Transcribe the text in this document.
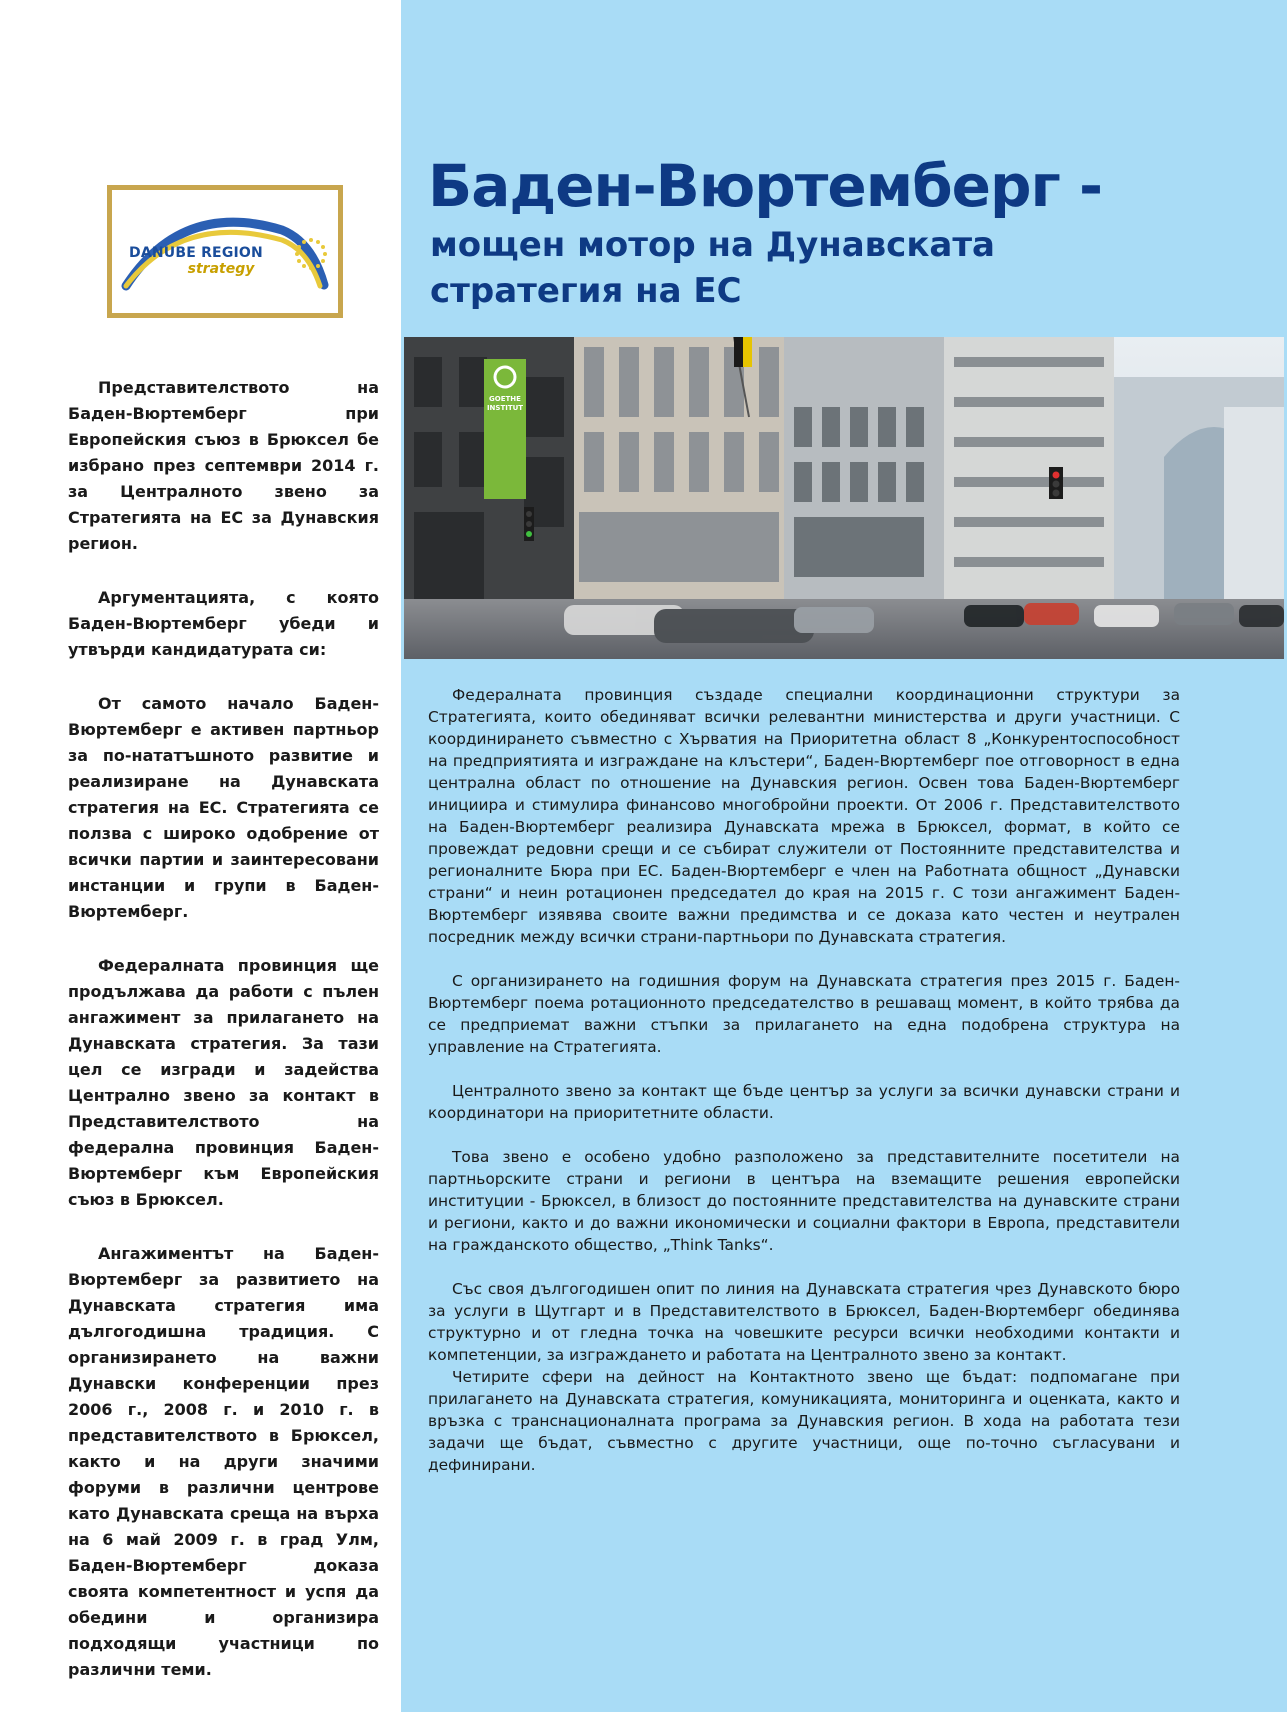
DANUBE REGION
strategy
Баден-Вюртемберг -
мощен мотор на Дунавската стратегия на ЕС
GOETHE
INSTITUT

Представителството на Баден-Вюртемберг при Европейския съюз в Брюксел бе избрано през септември 2014 г. за Централното звено за Стратегията на ЕС за Дунавския регион.

Аргументацията, с която Баден-Вюртемберг убеди и утвърди кандидатурата си:

От самото начало Баден-Вюртемберг е активен партньор за по-нататъшното развитие и реализиране на Дунавската стратегия на ЕС. Стратегията се ползва с широко одобрение от всички партии и заинтересовани инстанции и групи в Баден-Вюртемберг.

Федералната провинция ще продължава да работи с пълен ангажимент за прилагането на Дунавската стратегия. За тази цел се изгради и задейства Централно звено за контакт в Представителството на федерална провинция Баден-Вюртемберг към Европейския съюз в Брюксел.

Ангажиментът на Баден-Вюртемберг за развитието на Дунавската стратегия има дългогодишна традиция. С организирането на важни Дунавски конференции през 2006 г., 2008 г. и 2010 г. в представителството в Брюксел, както и на други значими форуми в различни центрове като Дунавската среща на върха на 6 май 2009 г. в град Улм, Баден-Вюртемберг доказа своята компетентност и успя да обедини и организира подходящи участници по различни теми.

Федералната провинция създаде специални координационни структури за Стратегията, които обединяват всички релевантни министерства и други участници. С координирането съвместно с Хърватия на Приоритетна област 8 „Конкурентоспособност на предприятията и изграждане на клъстери“, Баден-Вюртемберг пое отговорност в една централна област по отношение на Дунавския регион. Освен това Баден-Вюртемберг инициира и стимулира финансово многобройни проекти. От 2006 г. Представителството на Баден-Вюртемберг реализира Дунавската мрежа в Брюксел, формат, в който се провеждат редовни срещи и се събират служители от Постоянните представителства и регионалните Бюра при ЕС. Баден-Вюртемберг е член на Работната общност „Дунавски страни“ и неин ротационен председател до края на 2015 г. С този ангажимент Баден-Вюртемберг изявява своите важни предимства и се доказа като честен и неутрален посредник между всички страни-партньори по Дунавската стратегия.

С организирането на годишния форум на Дунавската стратегия през 2015 г. Баден-Вюртемберг поема ротационното председателство в решаващ момент, в който трябва да се предприемат важни стъпки за прилагането на една подобрена структура на управление на Стратегията.

Централното звено за контакт ще бъде център за услуги за всички дунавски страни и координатори на приоритетните области.

Това звено е особено удобно разположено за представителните посетители на партньорските страни и региони в центъра на вземащите решения европейски институции - Брюксел, в близост до постоянните представителства на дунавските страни и региони, както и до важни икономически и социални фактори в Европа, представители на гражданското общество, „Think Tanks“.

Със своя дългогодишен опит по линия на Дунавската стратегия чрез Дунавското бюро за услуги в Щутгарт и в Представителството в Брюксел, Баден-Вюртемберг обединява структурно и от гледна точка на човешките ресурси всички необходими контакти и компетенции, за изграждането и работата на Централното звено за контакт.

Четирите сфери на дейност на Контактното звено ще бъдат: подпомагане при прилагането на Дунавската стратегия, комуникацията, мониторинга и оценката, както и връзка с транснационалната програма за Дунавския регион. В хода на работата тези задачи ще бъдат, съвместно с другите участници, още по-точно съгласувани и дефинирани.
